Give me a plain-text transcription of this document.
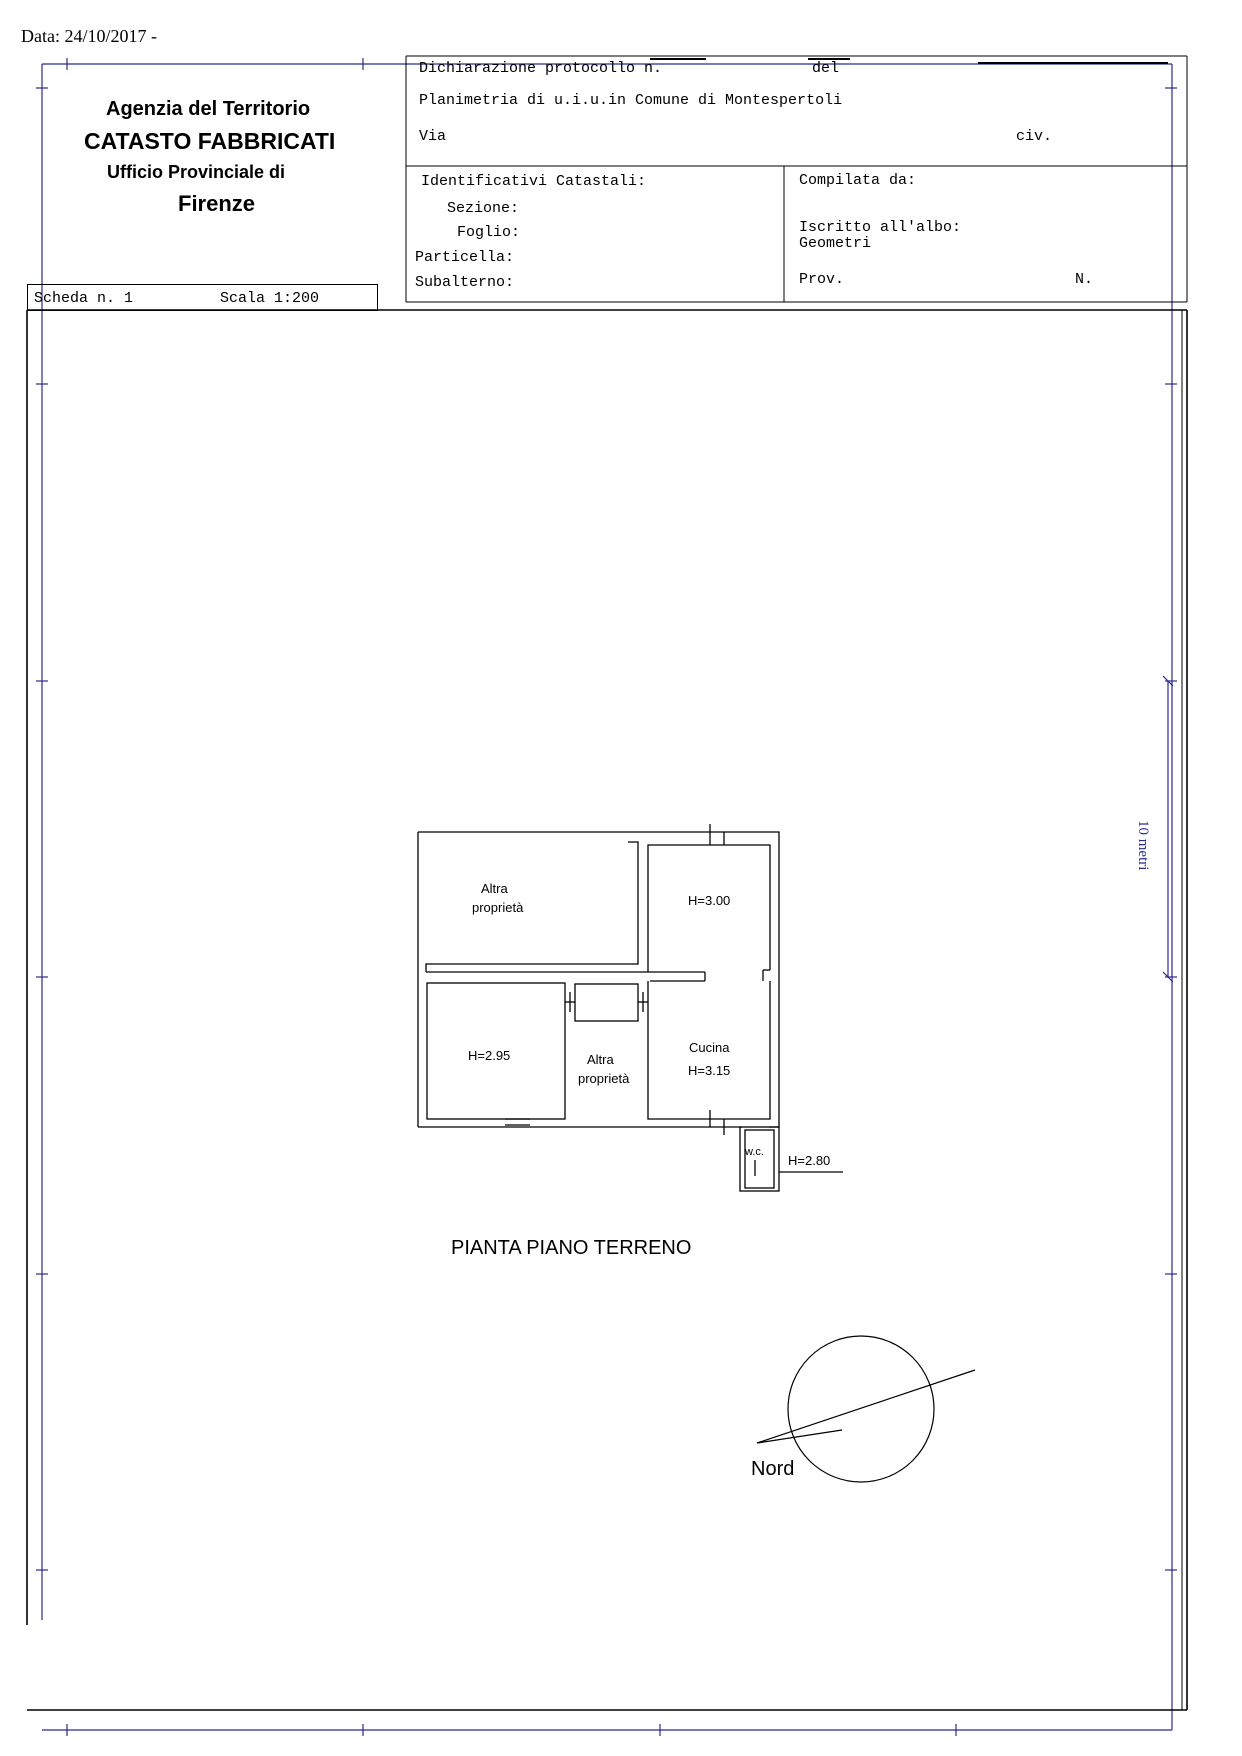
Data: 24/10/2017 -
Agenzia del Territorio
CATASTO FABBRICATI
Ufficio Provinciale di
Firenze
Dichiarazione protocollo n.	del
Planimetria di u.i.u.in Comune di Montespertoli
Via	civ.
Identificativi Catastali:
Sezione:
Foglio:
Particella:
Subalterno:
Compilata da:
Iscritto all'albo:
Geometri
Prov.	N.
Scheda n. 1	Scala 1:200
10 metri
Altra
proprietà	H=3.00
H=2.95	Altra
proprietà
Cucina
H=3.15
w.c.
H=2.80
PIANTA PIANO TERRENO
Nord
